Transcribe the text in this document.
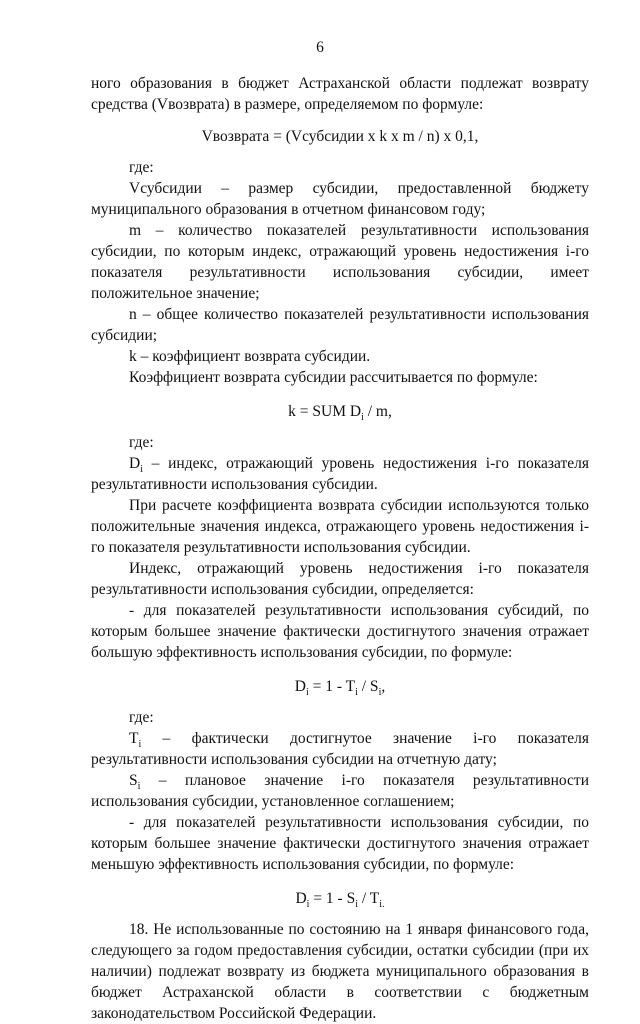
6

ного образования в бюджет Астраханской области подлежат возврату средства (Vвозврата) в размере, определяемом по формуле:

Vвозврата = (Vсубсидии x k x m / n) x 0,1,

где:

Vсубсидии – размер субсидии, предоставленной бюджету муниципального образования в отчетном финансовом году;

m – количество показателей результативности использования субсидии, по которым индекс, отражающий уровень недостижения i-го показателя результативности использования субсидии, имеет положительное значение;

n – общее количество показателей результативности использования субсидии;

k – коэффициент возврата субсидии.

Коэффициент возврата субсидии рассчитывается по формуле:

k = SUM $D_i$ / m,

где:

$D_i$ – индекс, отражающий уровень недостижения i-го показателя результативности использования субсидии.

При расчете коэффициента возврата субсидии используются только положительные значения индекса, отражающего уровень недостижения i-го показателя результативности использования субсидии.

Индекс, отражающий уровень недостижения i-го показателя результативности использования субсидии, определяется:

- для показателей результативности использования субсидий, по которым большее значение фактически достигнутого значения отражает большую эффективность использования субсидии, по формуле:

$D_i = 1 - T_i / S_i$,

где:

$T_i$ – фактически достигнутое значение i-го показателя результативности использования субсидии на отчетную дату;

$S_i$ – плановое значение i-го показателя результативности использования субсидии, установленное соглашением;

- для показателей результативности использования субсидии, по которым большее значение фактически достигнутого значения отражает меньшую эффективность использования субсидии, по формуле:

$D_i = 1 - S_i / T_{i.}$

18. Не использованные по состоянию на 1 января финансового года, следующего за годом предоставления субсидии, остатки субсидии (при их наличии) подлежат возврату из бюджета муниципального образования в бюджет Астраханской области в соответствии с бюджетным законодательством Российской Федерации.
